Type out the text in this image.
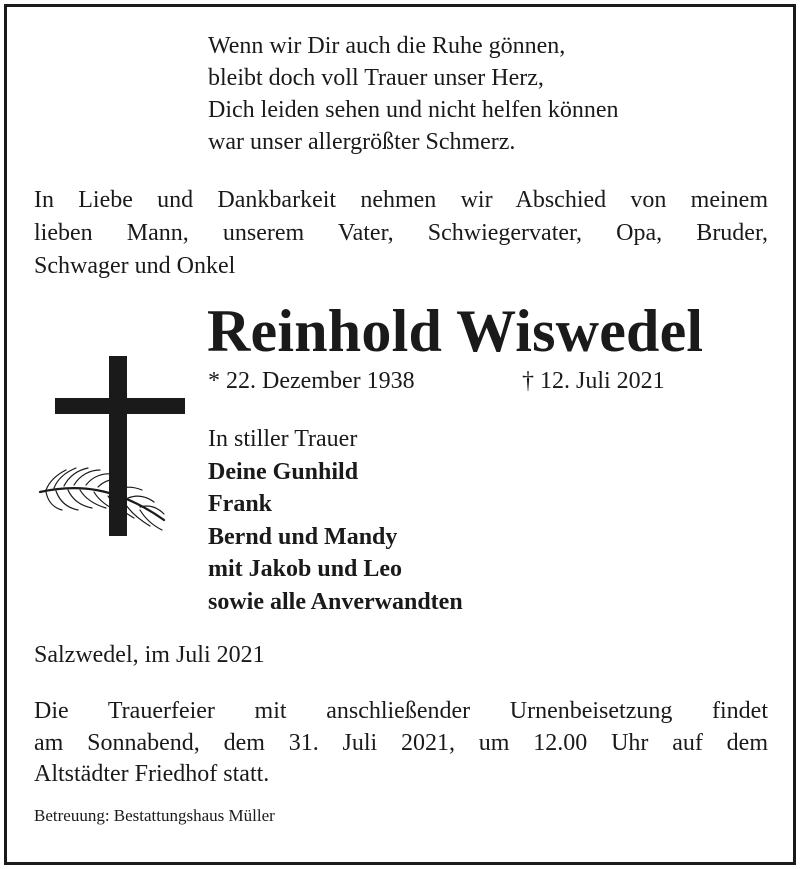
Wenn wir Dir auch die Ruhe gönnen,
bleibt doch voll Trauer unser Herz,
Dich leiden sehen und nicht helfen können
war unser allergrößter Schmerz.
In Liebe und Dankbarkeit nehmen wir Abschied von meinem
lieben Mann, unserem Vater, Schwiegervater, Opa, Bruder,
Schwager und Onkel
Reinhold Wiswedel
* 22. Dezember 1938	† 12. Juli 2021
In stiller Trauer
Deine Gunhild
Frank
Bernd und Mandy
mit Jakob und Leo
sowie alle Anverwandten
Salzwedel, im Juli 2021
Die Trauerfeier mit anschließender Urnenbeisetzung findet
am Sonnabend, dem 31. Juli 2021, um 12.00 Uhr auf dem
Altstädter Friedhof statt.
Betreuung: Bestattungshaus Müller
